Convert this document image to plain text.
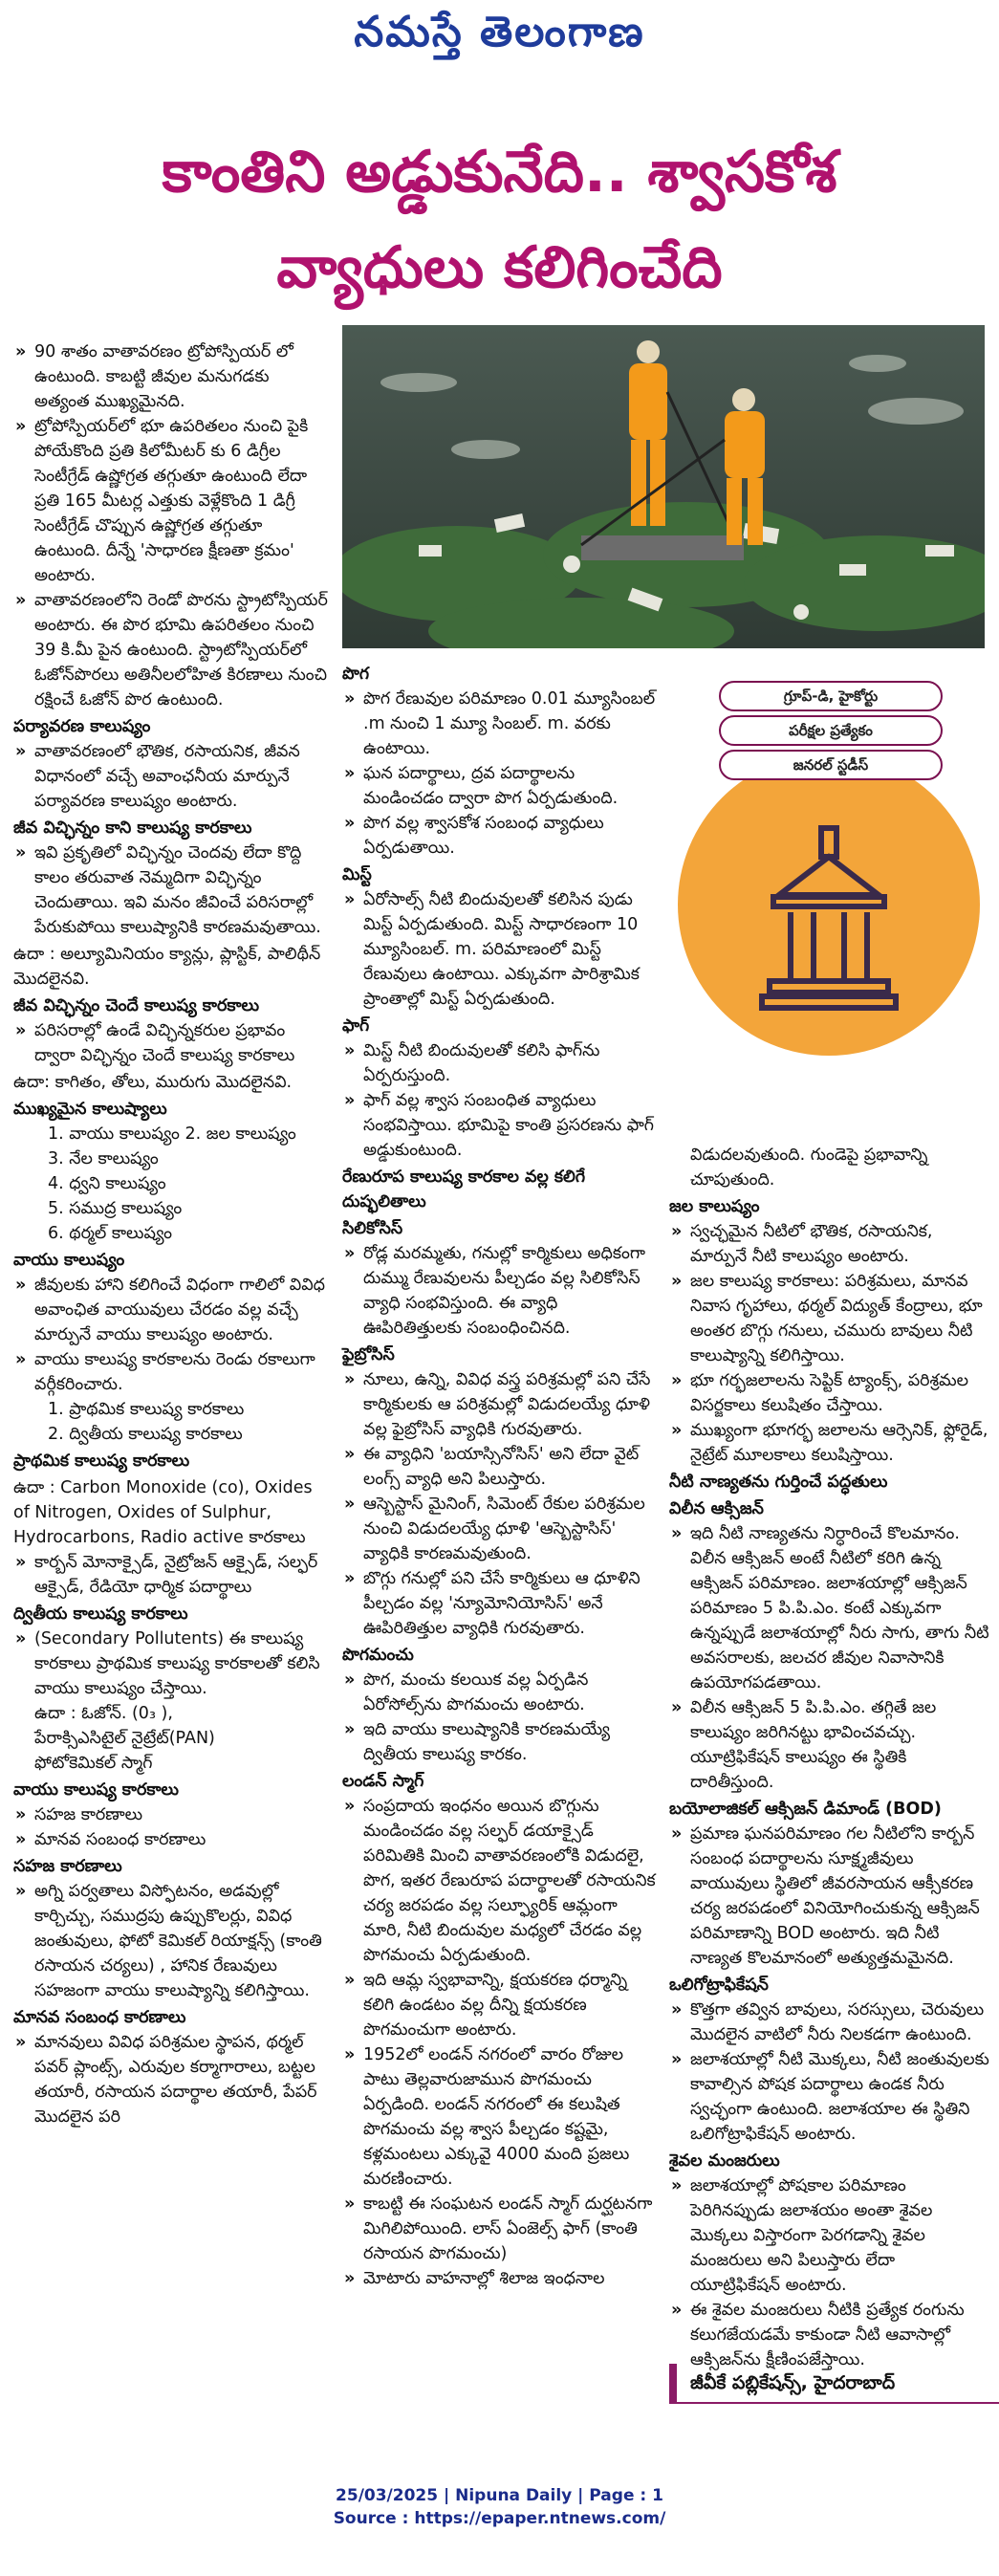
నమస్తే తెలంగాణ
కాంతిని అడ్డుకునేది.. శ్వాసకోశ
వ్యాధులు కలిగించేది

» 90 శాతం వాతావరణం ట్రోపోస్పియర్ లో ఉంటుంది. కాబట్టి జీవుల మనుగడకు అత్యంత ముఖ్యమైనది.

» ట్రోపోస్పియర్‌లో భూ ఉపరితలం నుంచి పైకి పోయేకొంది ప్రతి కిలోమీటర్ కు 6 డిగ్రీల సెంటీగ్రేడ్ ఉష్ణోగ్రత తగ్గుతూ ఉంటుంది లేదా ప్రతి 165 మీటర్ల ఎత్తుకు వెళ్లేకొంది 1 డిగ్రీ సెంటీగ్రేడ్ చొప్పున ఉష్ణోగ్రత తగ్గుతూ ఉంటుంది. దీన్నే 'సాధారణ క్షీణతా క్రమం' అంటారు.

» వాతావరణంలోని రెండో పొరను స్ట్రాటోస్పియర్ అంటారు. ఈ పొర భూమి ఉపరితలం నుంచి 39 కి.మీ పైన ఉంటుంది. స్ట్రాటోస్పియర్‌లో ఓజోన్‌పొరలు అతినీలలోహిత కిరణాలు నుంచి రక్షించే ఓజోన్ పొర ఉంటుంది.

పర్యావరణ కాలుష్యం

» వాతావరణంలో భౌతిక, రసాయనిక, జీవన విధానంలో వచ్చే అవాంఛనీయ మార్పునే పర్యావరణ కాలుష్యం అంటారు.

జీవ విచ్ఛిన్నం కాని కాలుష్య కారకాలు

» ఇవి ప్రకృతిలో విచ్ఛిన్నం చెందవు లేదా కొద్ది కాలం తరువాత నెమ్మదిగా విచ్ఛిన్నం చెందుతాయి. ఇవి మనం జీవించే పరిసరాల్లో పేరుకుపోయి కాలుష్యానికి కారణమవుతాయి.

ఉదా : అల్యూమినియం క్యాన్లు, ప్లాస్టిక్, పాలిథీన్ మొదలైనవి.

జీవ విచ్ఛిన్నం చెందే కాలుష్య కారకాలు

» పరిసరాల్లో ఉండే విచ్ఛిన్నకరుల ప్రభావం ద్వారా విచ్ఛిన్నం చెందే కాలుష్య కారకాలు

ఉదా: కాగితం, తోలు, మురుగు మొదలైనవి.

ముఖ్యమైన కాలుష్యాలు

1. వాయు కాలుష్యం 2. జల కాలుష్యం

3. నేల కాలుష్యం

4. ధ్వని కాలుష్యం

5. సముద్ర కాలుష్యం

6. థర్మల్ కాలుష్యం

వాయు కాలుష్యం

» జీవులకు హాని కలిగించే విధంగా గాలిలో వివిధ అవాంఛిత వాయువులు చేరడం వల్ల వచ్చే మార్పునే వాయు కాలుష్యం అంటారు.

» వాయు కాలుష్య కారకాలను రెండు రకాలుగా వర్గీకరించారు.

1. ప్రాథమిక కాలుష్య కారకాలు

2. ద్వితీయ కాలుష్య కారకాలు

ప్రాథమిక కాలుష్య కారకాలు

ఉదా : Carbon Monoxide (co), Oxides of Nitrogen, Oxides of Sulphur, Hydrocarbons, Radio active కారకాలు

» కార్బన్ మోనాక్సైడ్, నైట్రోజన్ ఆక్సైడ్, సల్ఫర్ ఆక్సైడ్, రేడియో ధార్మిక పదార్థాలు

ద్వితీయ కాలుష్య కారకాలు

» (Secondary Pollutents) ఈ కాలుష్య కారకాలు ప్రాథమిక కాలుష్య కారకాలతో కలిసి వాయు కాలుష్యం చేస్తాయి.

ఉదా : ఓజోన్. (0₃ ),

పేరాక్సిఎసిటైల్ నైట్రేట్(PAN)

ఫోటోకెమికల్ స్మాగ్

వాయు కాలుష్య కారకాలు

» సహజ కారణాలు

» మానవ సంబంధ కారణాలు

సహజ కారణాలు

» అగ్ని పర్వతాలు విస్ఫోటనం, అడవుల్లో కార్చిచ్చు, సముద్రపు ఉప్పుకొలర్లు, వివిధ జంతువులు, ఫోటో కెమికల్ రియాక్షన్స్ (కాంతి రసాయన చర్యలు) , హానిక రేణువులు సహజంగా వాయు కాలుష్యాన్ని కలిగిస్తాయి.

మానవ సంబంధ కారణాలు

» మానవులు వివిధ పరిశ్రమల స్థాపన, థర్మల్ పవర్ ప్లాంట్స్, ఎరువుల కర్మాగారాలు, బట్టల తయారీ, రసాయన పదార్థాల తయారీ, పేపర్ మొదలైన పరి

పొగ

» పొగ రేణువుల పరిమాణం 0.01 మ్యూసింబల్ .m నుంచి 1 మ్యూ సింబల్. m. వరకు ఉంటాయి.

» ఘన పదార్థాలు, ద్రవ పదార్థాలను మండించడం ద్వారా పొగ ఏర్పడుతుంది.

» పొగ వల్ల శ్వాసకోశ సంబంధ వ్యాధులు ఏర్పడుతాయి.

మిస్ట్

» ఏరోసాల్స్ నీటి బిందువులతో కలిసిన పుడు మిస్ట్ ఏర్పడుతుంది. మిస్ట్ సాధారణంగా 10 మ్యూసింబల్. m. పరిమాణంలో మిస్ట్ రేణువులు ఉంటాయి. ఎక్కువగా పారిశ్రామిక ప్రాంతాల్లో మిస్ట్ ఏర్పడుతుంది.

ఫాగ్

» మిస్ట్ నీటి బిందువులతో కలిసి ఫాగ్‌ను ఏర్పరుస్తుంది.

» ఫాగ్ వల్ల శ్వాస సంబంధిత వ్యాధులు సంభవిస్తాయి. భూమిపై కాంతి ప్రసరణను ఫాగ్ అడ్డుకుంటుంది.

రేణురూప కాలుష్య కారకాల వల్ల కలిగే దుష్ఫలితాలు

సిలికోసిస్

» రోడ్ల మరమ్మతు, గనుల్లో కార్మికులు అధికంగా దుమ్ము రేణువులను పీల్చడం వల్ల సిలికోసిస్ వ్యాధి సంభవిస్తుంది. ఈ వ్యాధి ఊపిరితిత్తులకు సంబంధించినది.

ఫైబ్రోసిస్

» నూలు, ఉన్ని, వివిధ వస్త్ర పరిశ్రమల్లో పని చేసే కార్మికులకు ఆ పరిశ్రమల్లో విడుదలయ్యే ధూళి వల్ల ఫైబ్రోసిస్ వ్యాధికి గురవుతారు.

» ఈ వ్యాధిని 'బయాస్సినోసిస్' అని లేదా వైట్ లంగ్స్ వ్యాధి అని పిలుస్తారు.

» ఆస్బెస్టాస్ మైనింగ్, సిమెంట్ రేకుల పరిశ్రమల నుంచి విడుదలయ్యే ధూళి 'ఆస్బెస్టాసిస్' వ్యాధికి కారణమవుతుంది.

» బొగ్గు గనుల్లో పని చేసే కార్మికులు ఆ ధూళిని పీల్చడం వల్ల 'న్యూమోనియోసిస్' అనే ఊపిరితిత్తుల వ్యాధికి గురవుతారు.

పొగమంచు

» పొగ, మంచు కలయిక వల్ల ఏర్పడిన ఏరోసోల్స్‌ను పొగమంచు అంటారు.

» ఇది వాయు కాలుష్యానికి కారణమయ్యే ద్వితీయ కాలుష్య కారకం.

లండన్ స్మాగ్

» సంప్రదాయ ఇంధనం అయిన బొగ్గును మండించడం వల్ల సల్ఫర్ డయాక్సైడ్ పరిమితికి మించి వాతావరణంలోకి విడుదలై, పొగ, ఇతర రేణురూప పదార్థాలతో రసాయనిక చర్య జరపడం వల్ల సల్ఫ్యూరిక్ ఆమ్లంగా మారి, నీటి బిందువుల మధ్యలో చేరడం వల్ల పొగమంచు ఏర్పడుతుంది.

» ఇది ఆమ్ల స్వభావాన్ని, క్షయకరణ ధర్మాన్ని కలిగి ఉండటం వల్ల దీన్ని క్షయకరణ పొగమంచుగా అంటారు.

» 1952లో లండన్ నగరంలో వారం రోజుల పాటు తెల్లవారుజామున పొగమంచు ఏర్పడింది. లండన్ నగరంలో ఈ కలుషిత పొగమంచు వల్ల శ్వాస పీల్చడం కష్టమై, కళ్లమంటలు ఎక్కువై 4000 మంది ప్రజలు మరణించారు.

» కాబట్టి ఈ సంఘటన లండన్ స్మాగ్ దుర్ఘటనగా మిగిలిపోయింది. లాస్ ఏంజెల్స్ ఫాగ్ (కాంతి రసాయన పొగమంచు)

» మోటారు వాహనాల్లో శిలాజ ఇంధనాల

గ్రూప్-డి, హైకోర్టు
పరీక్షల ప్రత్యేకం
జనరల్ స్టడీస్

విడుదలవుతుంది. గుండెపై ప్రభావాన్ని చూపుతుంది.

జల కాలుష్యం

» స్వచ్ఛమైన నీటిలో భౌతిక, రసాయనిక, మార్పునే నీటి కాలుష్యం అంటారు.

» జల కాలుష్య కారకాలు: పరిశ్రమలు, మానవ నివాస గృహాలు, థర్మల్ విద్యుత్ కేంద్రాలు, భూ అంతర బొగ్గు గనులు, చమురు బావులు నీటి కాలుష్యాన్ని కలిగిస్తాయి.

» భూ గర్భజలాలను సెప్టిక్ ట్యాంక్స్, పరిశ్రమల విసర్జకాలు కలుషితం చేస్తాయి.

» ముఖ్యంగా భూగర్భ జలాలను ఆర్సెనిక్, ఫ్లోరైడ్, నైట్రేట్ మూలకాలు కలుషిస్తాయి.

నీటి నాణ్యతను గుర్తించే పద్ధతులు

విలీన ఆక్సిజన్

» ఇది నీటి నాణ్యతను నిర్ధారించే కొలమానం. విలీన ఆక్సిజన్ అంటే నీటిలో కరిగి ఉన్న ఆక్సిజన్ పరిమాణం. జలాశయాల్లో ఆక్సిజన్ పరిమాణం 5 పి.పి.ఎం. కంటే ఎక్కువగా ఉన్నప్పుడే జలాశయాల్లో నీరు సాగు, తాగు నీటి అవసరాలకు, జలచర జీవుల నివాసానికి ఉపయోగపడతాయి.

» విలీన ఆక్సిజన్ 5 పి.పి.ఎం. తగ్గితే జల కాలుష్యం జరిగినట్టు భావించవచ్చు. యూట్రిఫికేషన్ కాలుష్యం ఈ స్థితికి దారితీస్తుంది.

బయోలాజికల్ ఆక్సిజన్ డిమాండ్ (BOD)

» ప్రమాణ ఘనపరిమాణం గల నీటిలోని కార్బన్ సంబంధ పదార్థాలను సూక్ష్మజీవులు వాయువులు స్థితిలో జీవరసాయన ఆక్సీకరణ చర్య జరపడంలో వినియోగించుకున్న ఆక్సిజన్ పరిమాణాన్ని BOD అంటారు. ఇది నీటి నాణ్యత కొలమానంలో అత్యుత్తమమైనది.

ఒలిగోట్రాఫికేషన్

» కొత్తగా తవ్విన బావులు, సరస్సులు, చెరువులు మొదలైన వాటిలో నీరు నిలకడగా ఉంటుంది.

» జలాశయాల్లో నీటి మొక్కలు, నీటి జంతువులకు కావాల్సిన పోషక పదార్థాలు ఉండక నీరు స్వచ్ఛంగా ఉంటుంది. జలాశయాల ఈ స్థితిని ఒలిగోట్రాఫికేషన్ అంటారు.

శైవల మంజరులు

» జలాశయాల్లో పోషకాల పరిమాణం పెరిగినప్పుడు జలాశయం అంతా శైవల మొక్కలు విస్తారంగా పెరగడాన్ని శైవల మంజరులు అని పిలుస్తారు లేదా యూట్రిఫికేషన్ అంటారు.

» ఈ శైవల మంజరులు నీటికి ప్రత్యేక రంగును కలుగజేయడమే కాకుండా నీటి ఆవాసాల్లో ఆక్సిజన్‌ను క్షీణింపజేస్తాయి.

జీవీకే పబ్లికేషన్స్, హైదరాబాద్
25/03/2025 | Nipuna Daily | Page : 1
Source : https://epaper.ntnews.com/
